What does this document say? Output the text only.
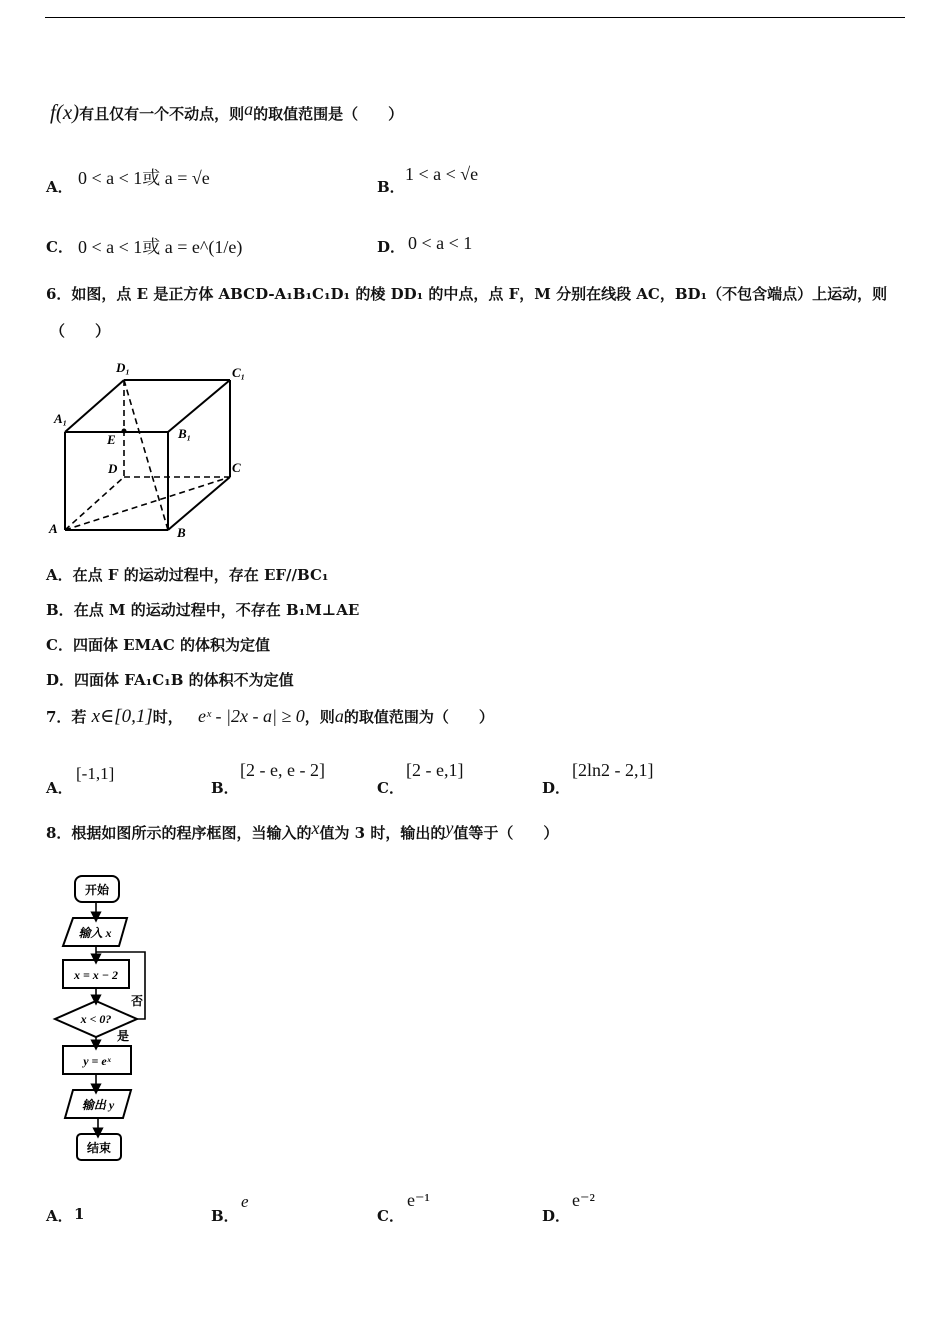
f(x)有且仅有一个不动点，则a的取值范围是（　　）
A． 0 < a < 1或 a = √e	B．
1 < a < √e
C． 0 < a < 1或 a = e^(1/e)	D． 0 < a < 1
6．如图，点 E 是正方体 ABCD-A₁B₁C₁D₁ 的棱 DD₁ 的中点，点 F，M 分别在线段 AC，BD₁（不包含端点）上运动，则
（　　）
D₁	C₁
A₁
B₁
E
D	C
A	B
A．在点 F 的运动过程中，存在 EF//BC₁
B．在点 M 的运动过程中，不存在 B₁M⊥AE
C．四面体 EMAC 的体积为定值
D．四面体 FA₁C₁B 的体积不为定值
7．若 x∈[0,1]时， eˣ - |2x - a| ≥ 0，则a的取值范围为（　　）
A．
[-1,1]
B．
[2 - e, e - 2]
C．
[2 - e,1]
D．
[2ln2 - 2,1]
8．根据如图所示的程序框图，当输入的x值为 3 时，输出的y值等于（　　）
开始
输入 x
x = x − 2
x < 0?
是
否
y = eˣ
输出 y
结束
A． 1	B．
e
C．
e⁻¹
D．
e⁻²
